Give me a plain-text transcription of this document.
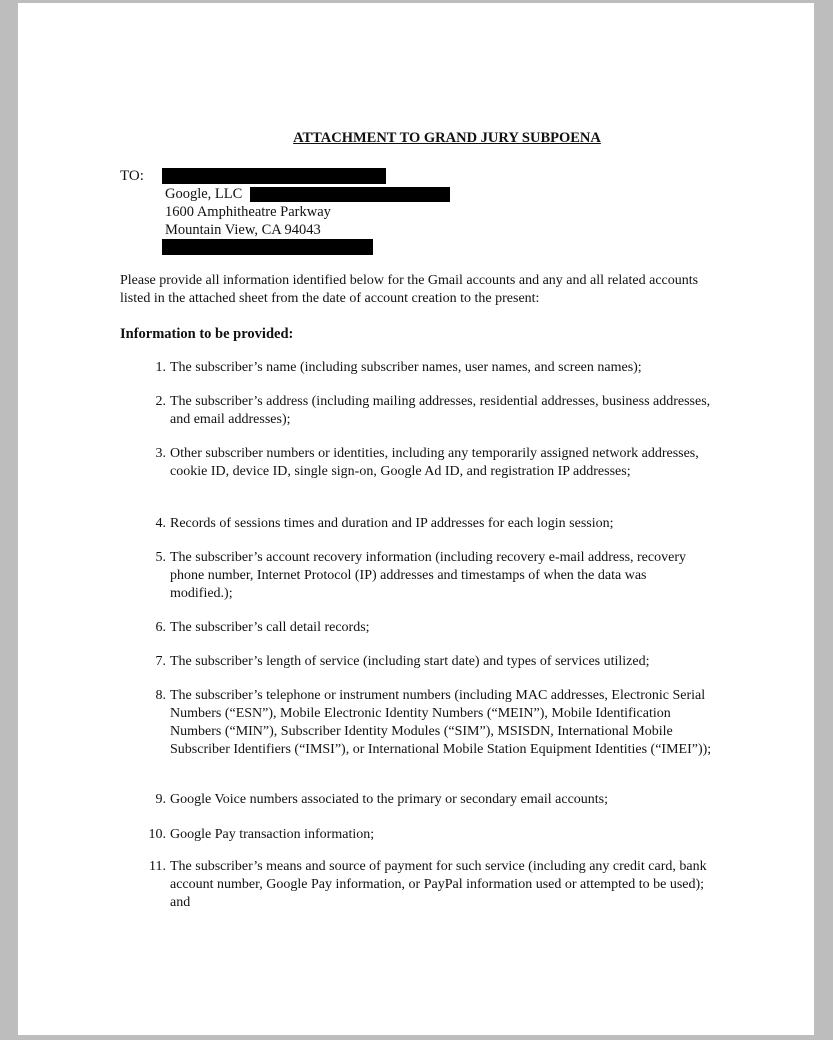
ATTACHMENT TO GRAND JURY SUBPOENA
TO:
Google, LLC
1600 Amphitheatre Parkway
Mountain View, CA 94043
Please provide all information identified below for the Gmail accounts and any and all related accounts listed in the attached sheet from the date of account creation to the present:
Information to be provided:
1. The subscriber’s name (including subscriber names, user names, and screen names);
2. The subscriber’s address (including mailing addresses, residential addresses, business addresses, and email addresses);
3. Other subscriber numbers or identities, including any temporarily assigned network addresses, cookie ID, device ID, single sign-on, Google Ad ID, and registration IP addresses;
4. Records of sessions times and duration and IP addresses for each login session;
5. The subscriber’s account recovery information (including recovery e-mail address, recovery phone number, Internet Protocol (IP) addresses and timestamps of when the data was modified.);
6. The subscriber’s call detail records;
7. The subscriber’s length of service (including start date) and types of services utilized;
8. The subscriber’s telephone or instrument numbers (including MAC addresses, Electronic Serial Numbers (“ESN”), Mobile Electronic Identity Numbers (“MEIN”), Mobile Identification Numbers (“MIN”), Subscriber Identity Modules (“SIM”), MSISDN, International Mobile Subscriber Identifiers (“IMSI”), or International Mobile Station Equipment Identities (“IMEI”));
9. Google Voice numbers associated to the primary or secondary email accounts;
10. Google Pay transaction information;
11. The subscriber’s means and source of payment for such service (including any credit card, bank account number, Google Pay information, or PayPal information used or attempted to be used); and
